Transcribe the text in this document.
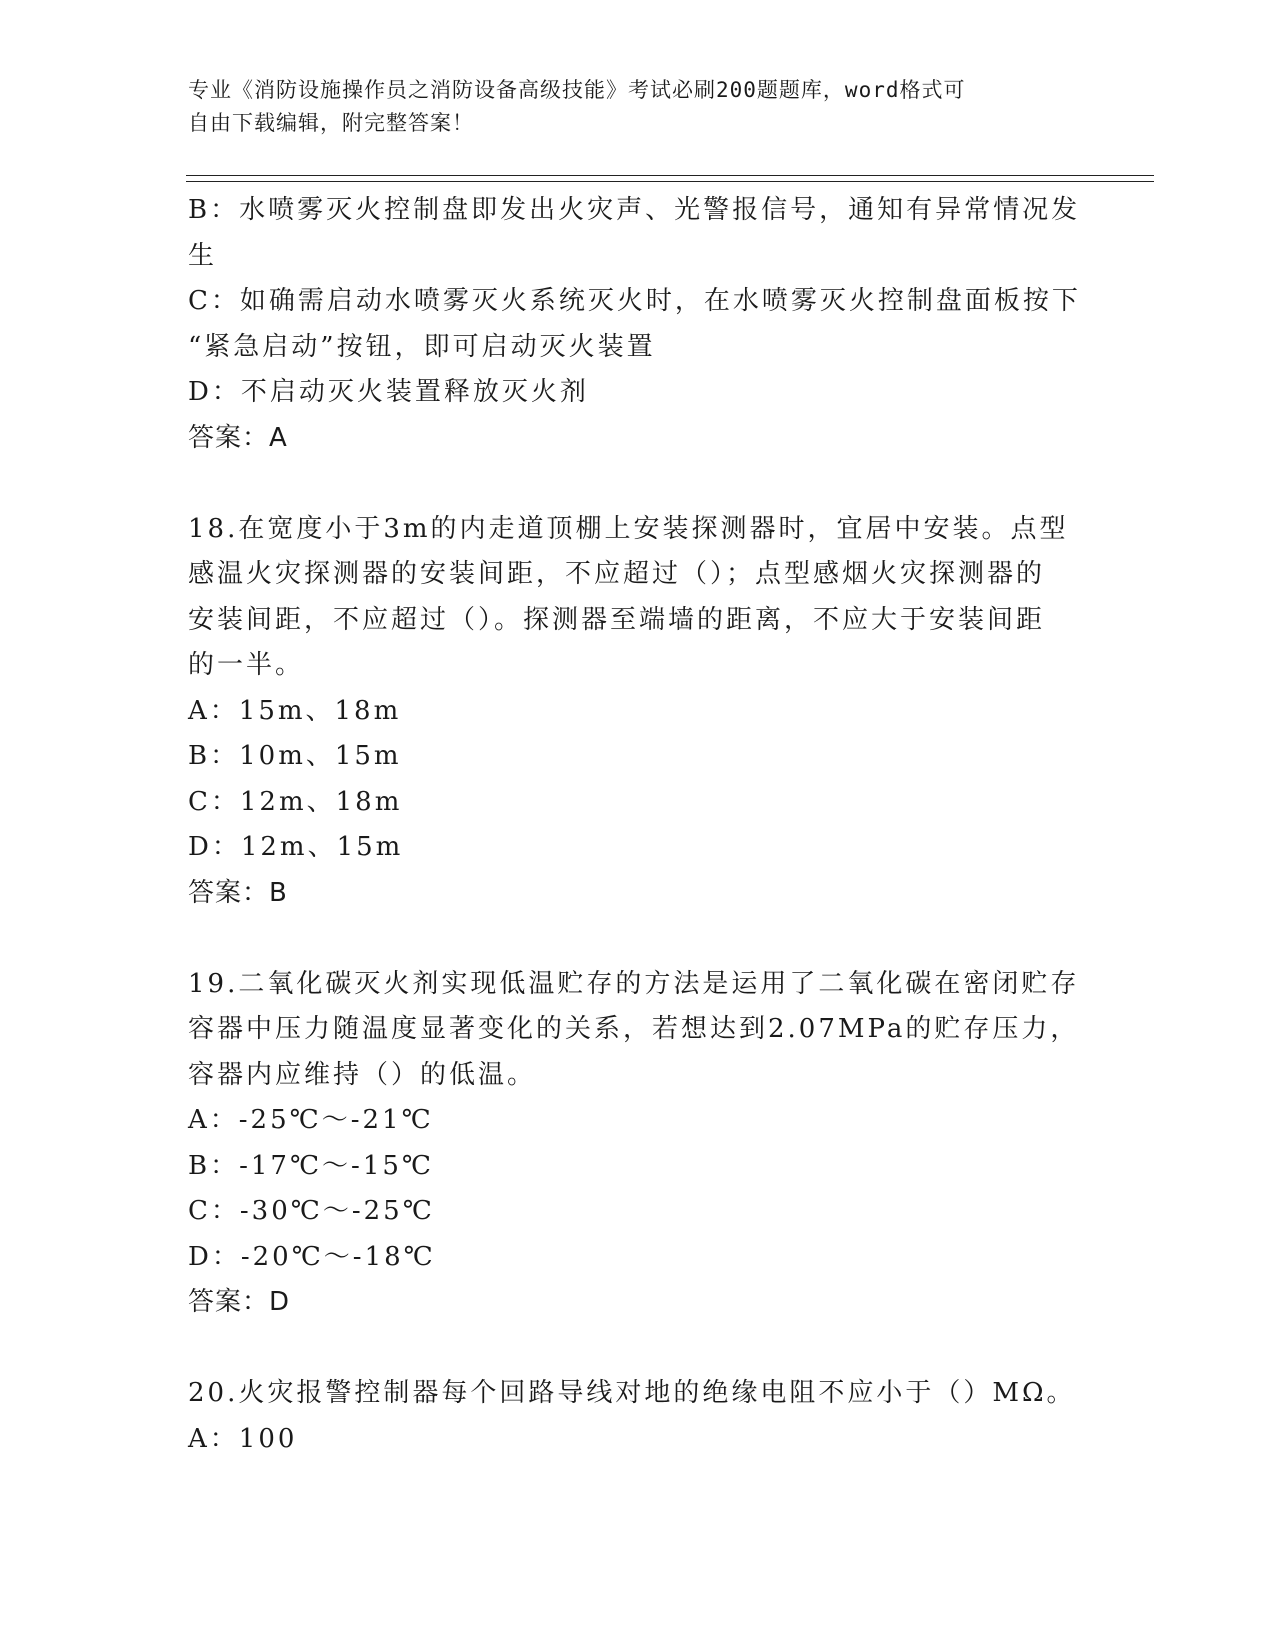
专业《消防设施操作员之消防设备高级技能》考试必刷200题题库，word格式可
自由下载编辑，附完整答案！
B：水喷雾灭火控制盘即发出火灾声、光警报信号，通知有异常情况发
生
C：如确需启动水喷雾灭火系统灭火时，在水喷雾灭火控制盘面板按下
“紧急启动”按钮，即可启动灭火装置
D：不启动灭火装置释放灭火剂
答案：A
18.在宽度小于3m的内走道顶棚上安装探测器时，宜居中安装。点型
感温火灾探测器的安装间距，不应超过（）；点型感烟火灾探测器的
安装间距，不应超过（）。探测器至端墙的距离，不应大于安装间距
的一半。
A：15m、18m
B：10m、15m
C：12m、18m
D：12m、15m
答案：B
19.二氧化碳灭火剂实现低温贮存的方法是运用了二氧化碳在密闭贮存
容器中压力随温度显著变化的关系，若想达到2.07MPa的贮存压力，
容器内应维持（）的低温。
A：-25℃～-21℃
B：-17℃～-15℃
C：-30℃～-25℃
D：-20℃～-18℃
答案：D
20.火灾报警控制器每个回路导线对地的绝缘电阻不应小于（）MΩ。
A：100
